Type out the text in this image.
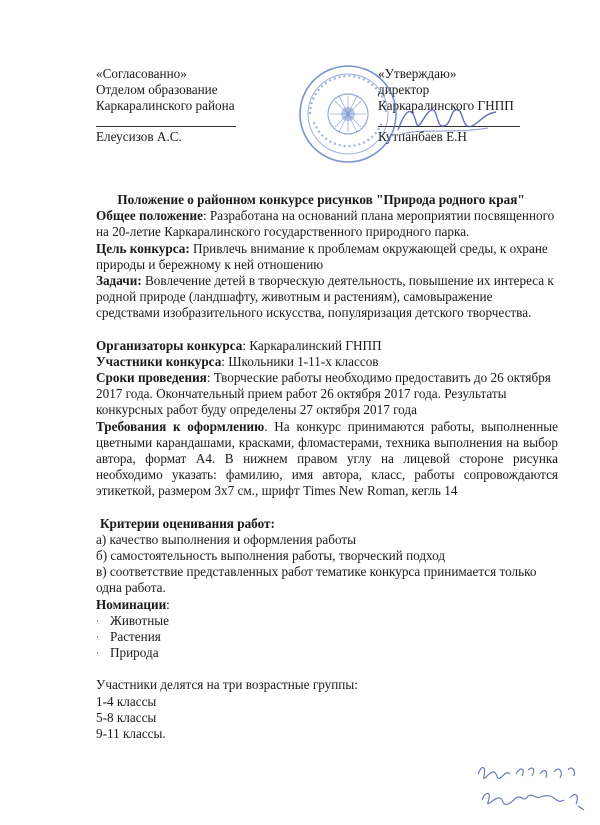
«Согласованно»
Отделом образование
Каркаралинского района
Елеусизов А.С.
«Утверждаю»
директор
Каркаралинского ГНПП
Кутпанбаев Е.Н

Положение о районном конкурсе рисунков "Природа родного края"

Общее положение: Разработана на оснований плана мероприятии посвященного на 20-летие Каркаралинского государственного природного парка.

Цель конкурса: Привлечь внимание к проблемам окружающей среды, к охране природы и бережному к ней отношению

Задачи: Вовлечение детей в творческую деятельность, повышение их интереса к родной природе (ландшафту, животным и растениям), самовыражение средствами изобразительного искусства, популяризация детского творчества.

Организаторы конкурса: Каркаралинский ГНПП

Участники конкурса: Школьники 1-11-х классов

Сроки проведения: Творческие работы необходимо предоставить до 26 октября 2017 года. Окончательный прием работ 26 октября 2017 года. Результаты конкурсных работ буду определены 27 октября 2017 года

Требования к оформлению. На конкурс принимаются работы, выполненные цветными карандашами, красками, фломастерами, техника выполнения на выбор автора, формат А4. В нижнем правом углу на лицевой стороне рисунка необходимо указать: фамилию, имя автора, класс, работы сопровождаются этикеткой, размером 3х7 см., шрифт Times New Roman, кегль 14

Критерии оценивания работ:

а) качество выполнения и оформления работы

б) самостоятельность выполнения работы, творческий подход

в) соответствие представленных работ тематике конкурса принимается только одна работа.

Номинации:

· Животные
· Растения
· Природа

Участники делятся на три возрастные группы:

1-4 классы

5-8 классы

9-11 классы.
